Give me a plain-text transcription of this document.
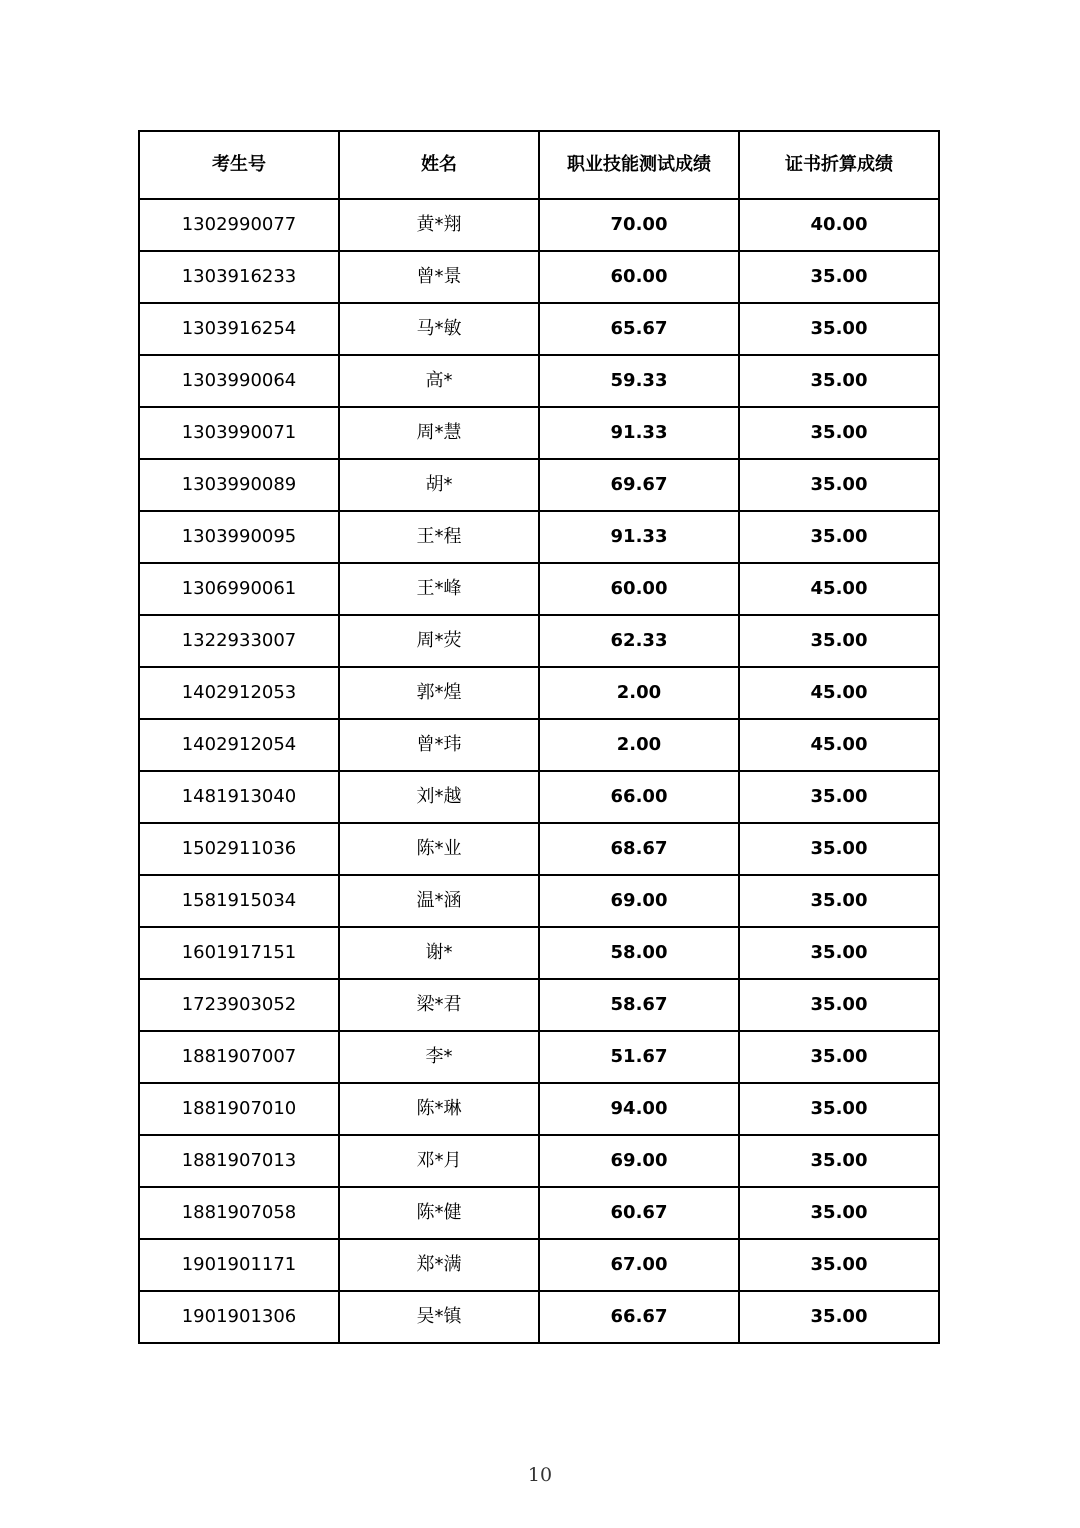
考生号	姓名	职业技能测试成绩	证书折算成绩
1302990077	黄*翔	70.00	40.00
1303916233	曾*景	60.00	35.00
1303916254	马*敏	65.67	35.00
1303990064	高*	59.33	35.00
1303990071	周*慧	91.33	35.00
1303990089	胡*	69.67	35.00
1303990095	王*程	91.33	35.00
1306990061	王*峰	60.00	45.00
1322933007	周*荧	62.33	35.00
1402912053	郭*煌	2.00	45.00
1402912054	曾*玮	2.00	45.00
1481913040	刘*越	66.00	35.00
1502911036	陈*业	68.67	35.00
1581915034	温*涵	69.00	35.00
1601917151	谢*	58.00	35.00
1723903052	梁*君	58.67	35.00
1881907007	李*	51.67	35.00
1881907010	陈*琳	94.00	35.00
1881907013	邓*月	69.00	35.00
1881907058	陈*健	60.67	35.00
1901901171	郑*满	67.00	35.00
1901901306	吴*镇	66.67	35.00
10
